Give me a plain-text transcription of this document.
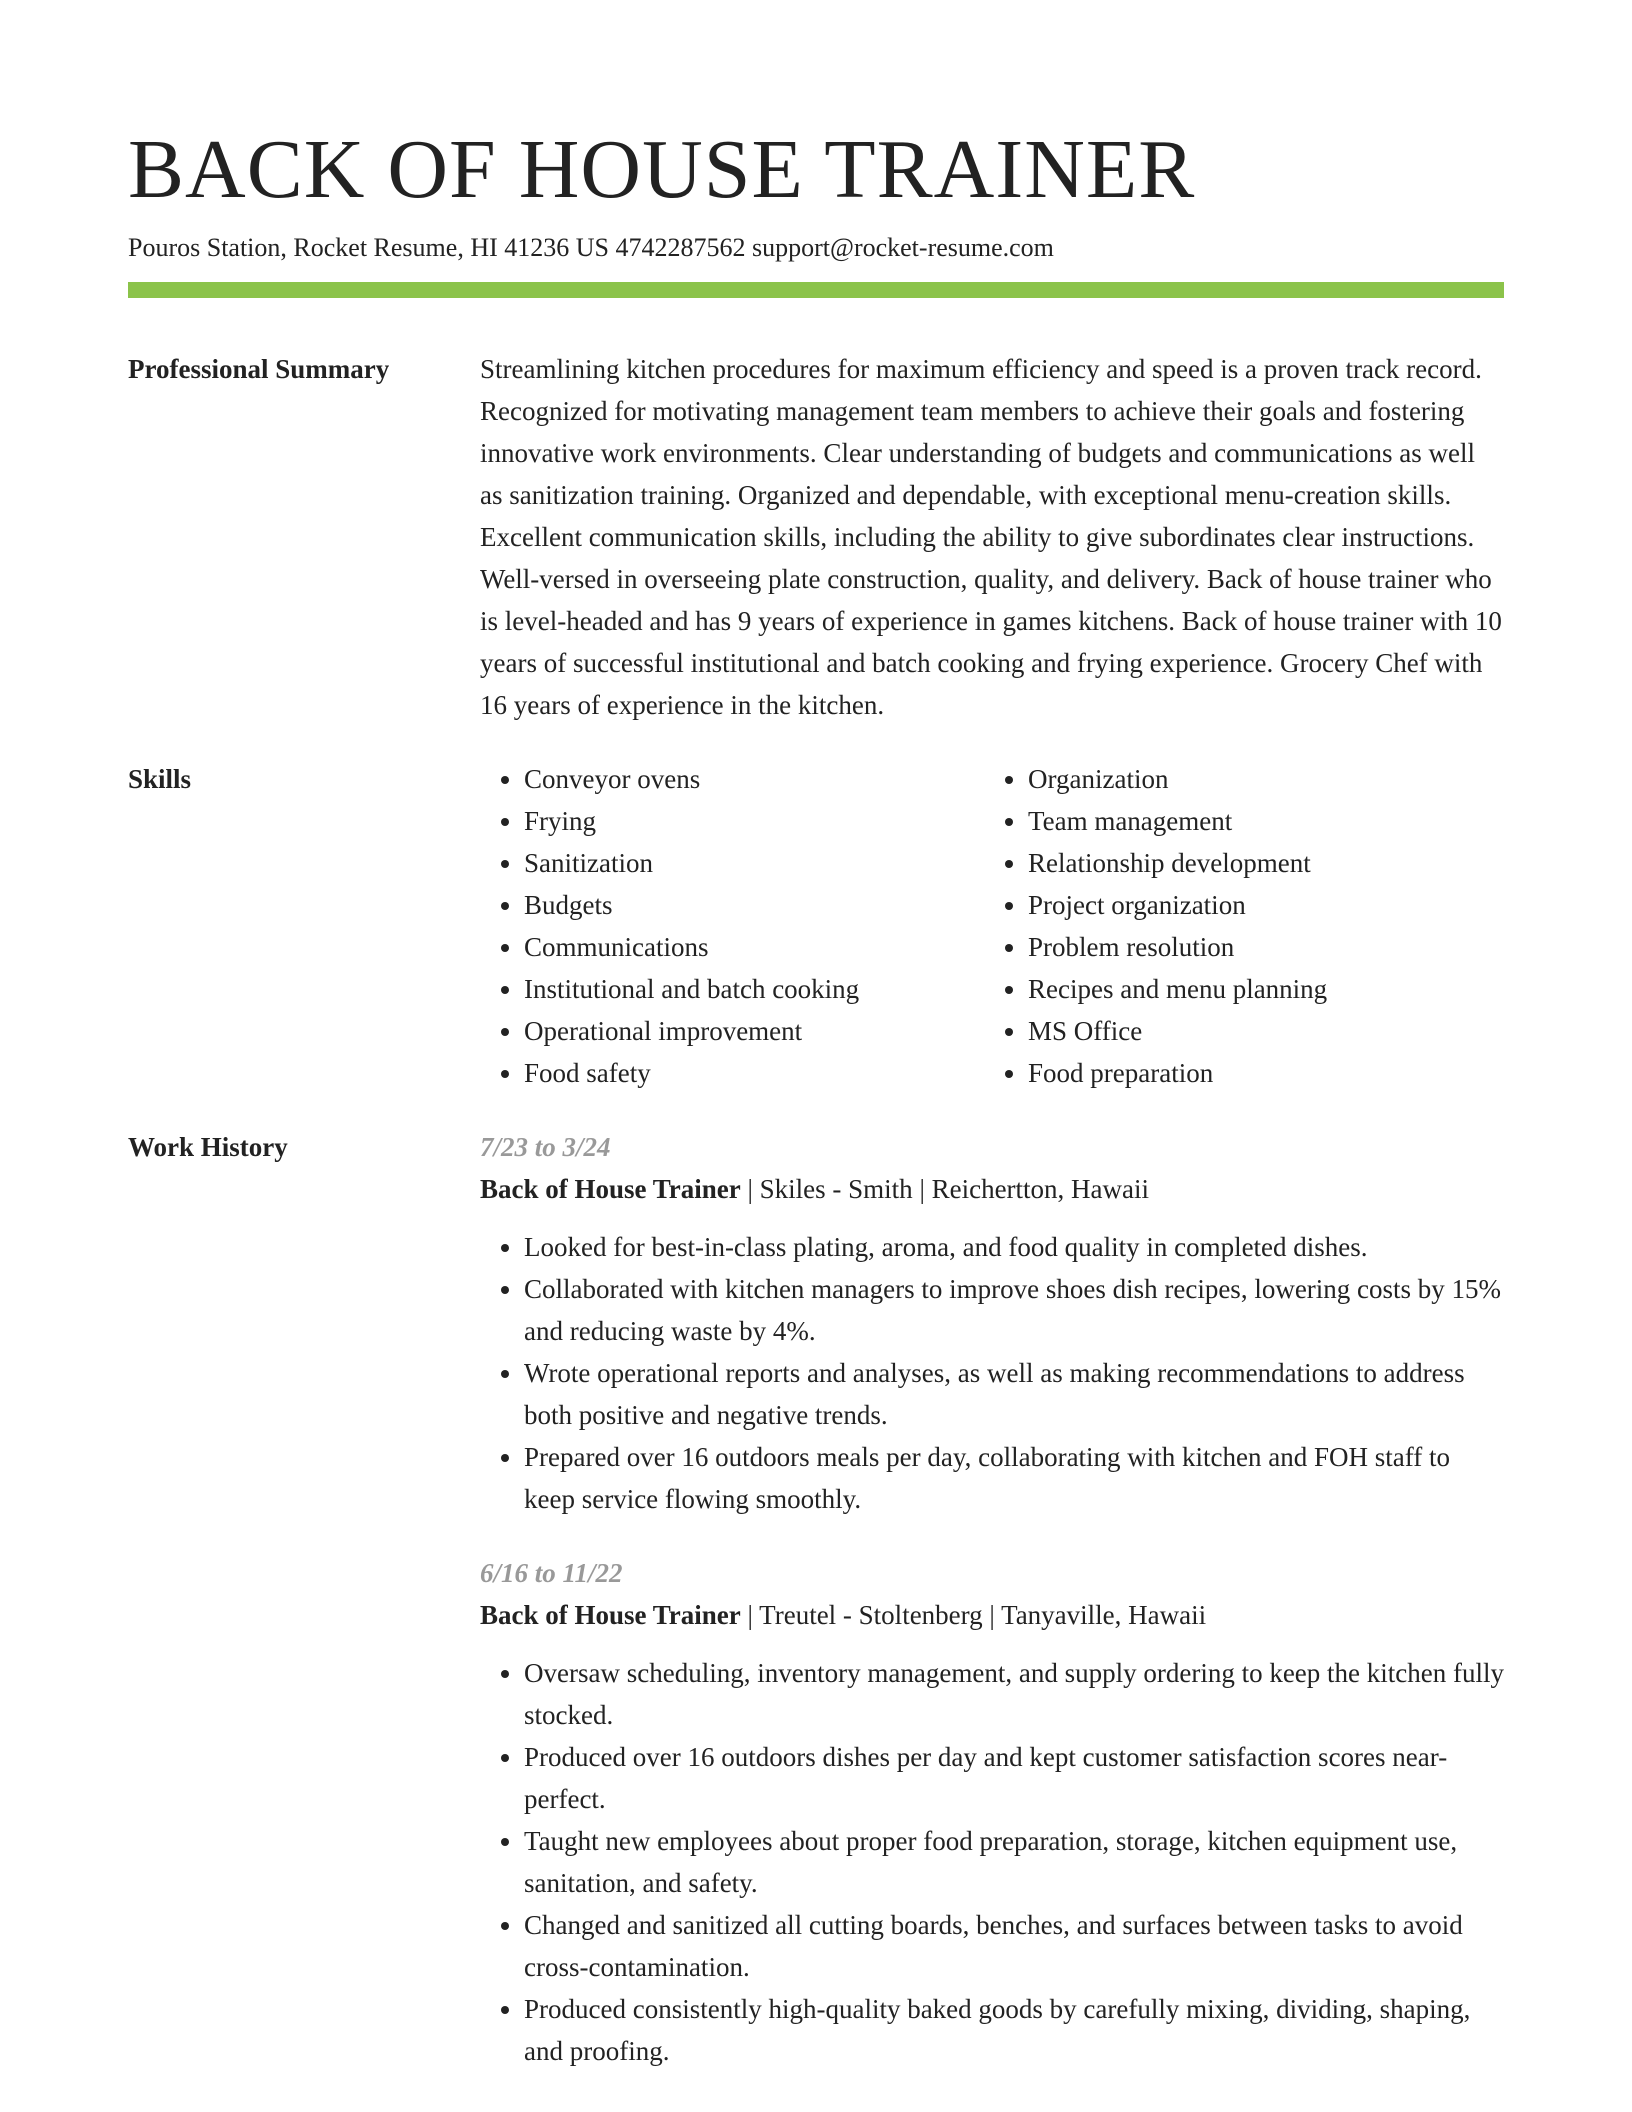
BACK OF HOUSE TRAINER
Pouros Station, Rocket Resume, HI 41236 US 4742287562 support@rocket-resume.com
Professional Summary	Streamlining kitchen procedures for maximum efficiency and speed is a proven track record. Recognized for motivating management team members to achieve their goals and fostering innovative work environments. Clear understanding of budgets and communications as well as sanitization training. Organized and dependable, with exceptional menu-creation skills. Excellent communication skills, including the ability to give subordinates clear instructions. Well-versed in overseeing plate construction, quality, and delivery. Back of house trainer who is level-headed and has 9 years of experience in games kitchens. Back of house trainer with 10 years of successful institutional and batch cooking and frying experience. Grocery Chef with 16 years of experience in the kitchen.

Skills
•	Conveyor ovens
• Frying
• Sanitization
• Budgets
• Communications
• Institutional and batch cooking
• Operational improvement
• Food safety
• Organization
• Team management
• Relationship development
• Project organization
• Problem resolution
• Recipes and menu planning
• MS Office
• Food preparation
Work History	7/23 to 3/24
Back of House Trainer | Skiles - Smith | Reichertton, Hawaii
• Looked for best-in-class plating, aroma, and food quality in completed dishes.
• Collaborated with kitchen managers to improve shoes dish recipes, lowering costs by 15% and reducing waste by 4%.
• Wrote operational reports and analyses, as well as making recommendations to address both positive and negative trends.
• Prepared over 16 outdoors meals per day, collaborating with kitchen and FOH staff to keep service flowing smoothly.
6/16 to 11/22
Back of House Trainer | Treutel - Stoltenberg | Tanyaville, Hawaii
• Oversaw scheduling, inventory management, and supply ordering to keep the kitchen fully stocked.
• Produced over 16 outdoors dishes per day and kept customer satisfaction scores near-perfect.
• Taught new employees about proper food preparation, storage, kitchen equipment use, sanitation, and safety.
• Changed and sanitized all cutting boards, benches, and surfaces between tasks to avoid cross-contamination.
• Produced consistently high-quality baked goods by carefully mixing, dividing, shaping, and proofing.
